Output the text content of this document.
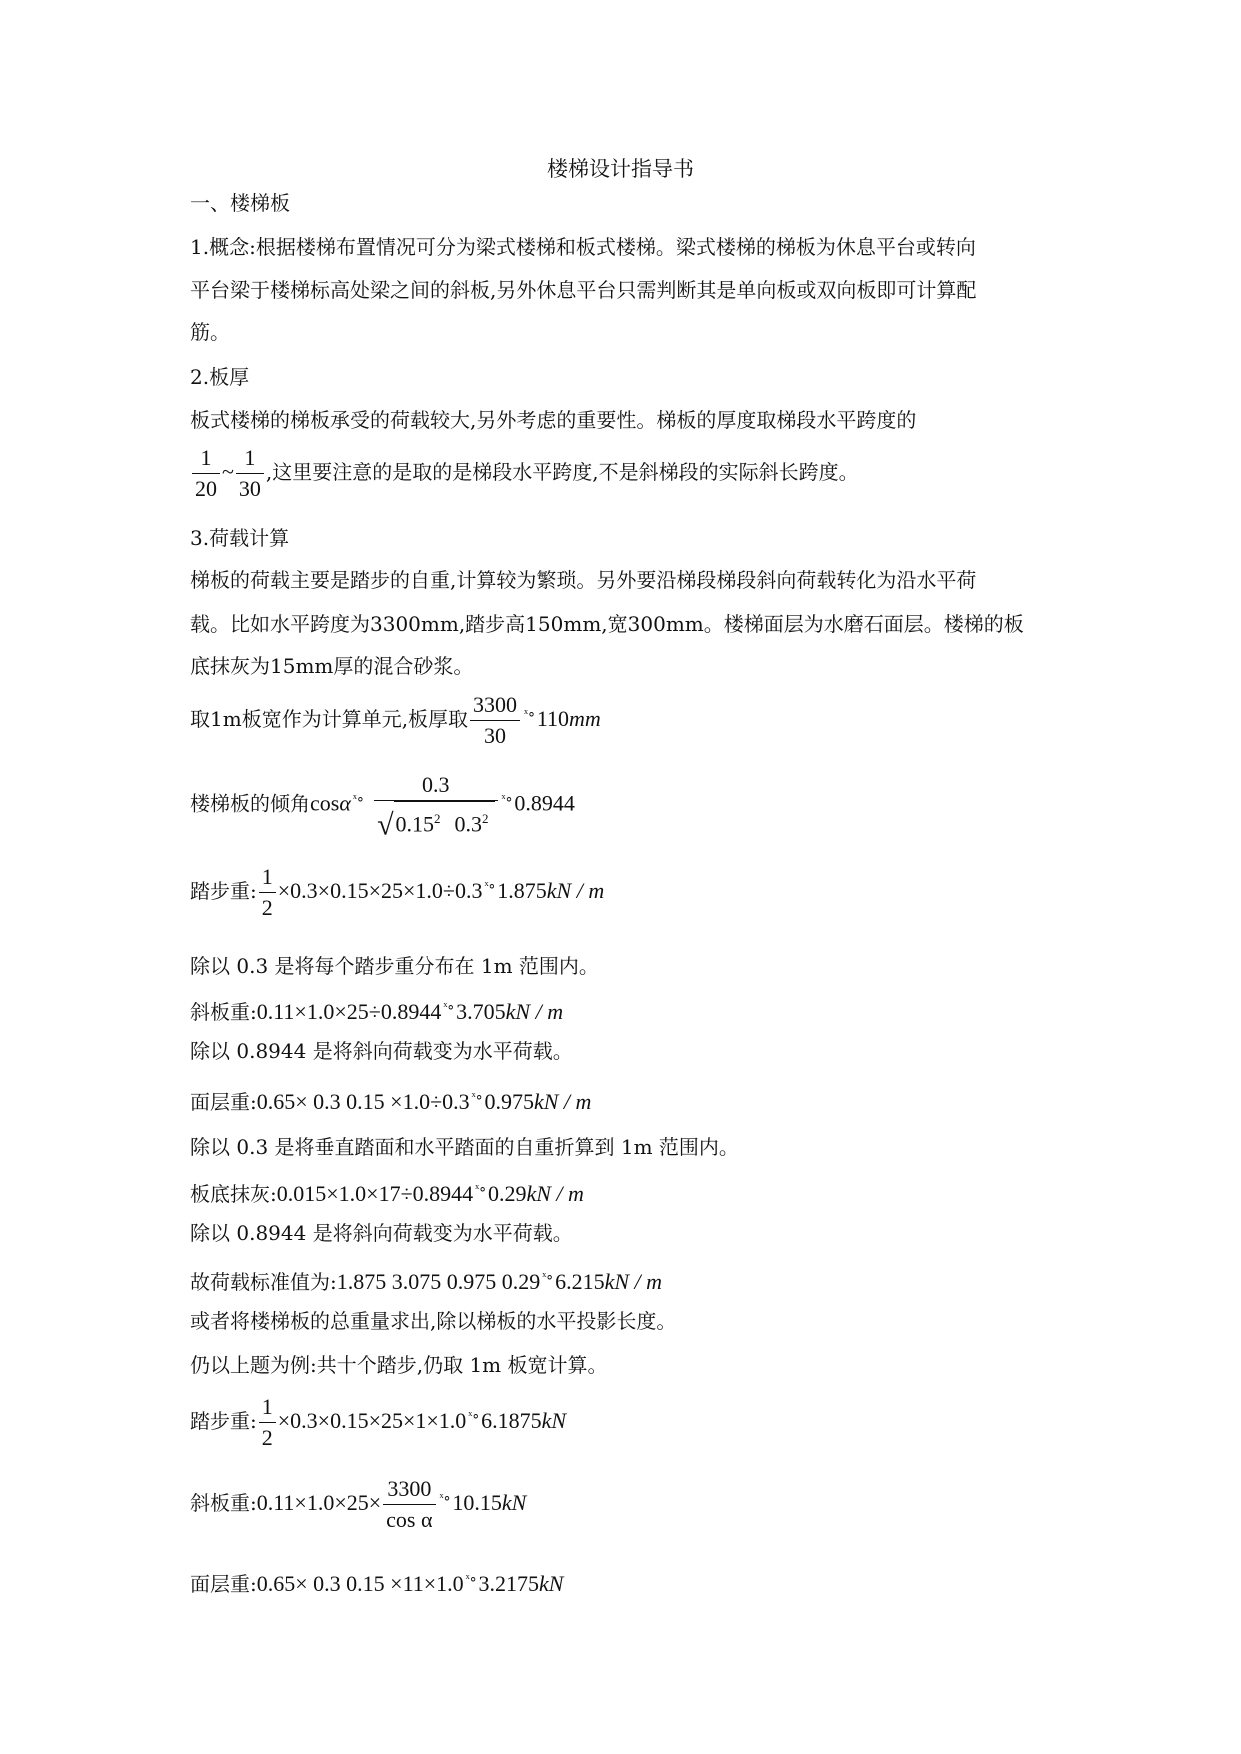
楼梯设计指导书
一、楼梯板
1.概念:根据楼梯布置情况可分为梁式楼梯和板式楼梯。梁式楼梯的梯板为休息平台或转向
平台梁于楼梯标高处梁之间的斜板,另外休息平台只需判断其是单向板或双向板即可计算配
筋。
2.板厚
板式楼梯的梯板承受的荷载较大,另外考虑的重要性。梯板的厚度取梯段水平跨度的
$\frac{1}{20}$ ~ $\frac{1}{30}$ ,这里要注意的是取的是梯段水平跨度,不是斜梯段的实际斜长跨度。
3.荷载计算
梯板的荷载主要是踏步的自重,计算较为繁琐。另外要沿梯段梯段斜向荷载转化为沿水平荷
载。比如水平跨度为3300mm,踏步高150mm,宽300mm。楼梯面层为水磨石面层。楼梯的板
底抹灰为15mm厚的混合砂浆。
取1m板宽作为计算单元,板厚取 $\frac{3300}{30} ^{ˣ\circ}110mm$
楼梯板的倾角cosα $^{ˣ\circ} \frac{0.3}{√0.15^2 0.3^2} ^{ˣ\circ}0.8944$
踏步重: $\frac{1}{2} \times 0.3\times 0.15\times 25\times 1.0\div 0.3$ $^{ˣ\circ}$1.875kN / m
除以 0.3 是将每个踏步重分布在 1m 范围内。
斜板重:0.11×1.0×25÷0.8944 $^{ˣ\circ}$3.705kN / m
除以 0.8944 是将斜向荷载变为水平荷载。
面层重:0.65× 0.3 0.15 ×1.0÷0.3 $^{ˣ\circ}$0.975kN / m
除以 0.3 是将垂直踏面和水平踏面的自重折算到 1m 范围内。
板底抹灰:0.015×1.0×17÷0.8944 $^{ˣ\circ}$0.29kN / m
除以 0.8944 是将斜向荷载变为水平荷载。
故荷载标准值为:1.875 3.075 0.975 0.29 $^{ˣ\circ}$6.215kN / m
或者将楼梯板的总重量求出,除以梯板的水平投影长度。
仍以上题为例:共十个踏步,仍取 1m 板宽计算。
踏步重: $\frac{1}{2} \times 0.3\times 0.15\times 25\times 1\times 1.0$ $^{ˣ\circ}$6.1875kN
斜板重:0.11×1.0×25× $\frac{3300}{\text{cos α}} ^{ˣ\circ}10.15kN$
面层重:0.65× 0.3 0.15 ×11×1.0 $^{ˣ\circ}$3.2175kN
